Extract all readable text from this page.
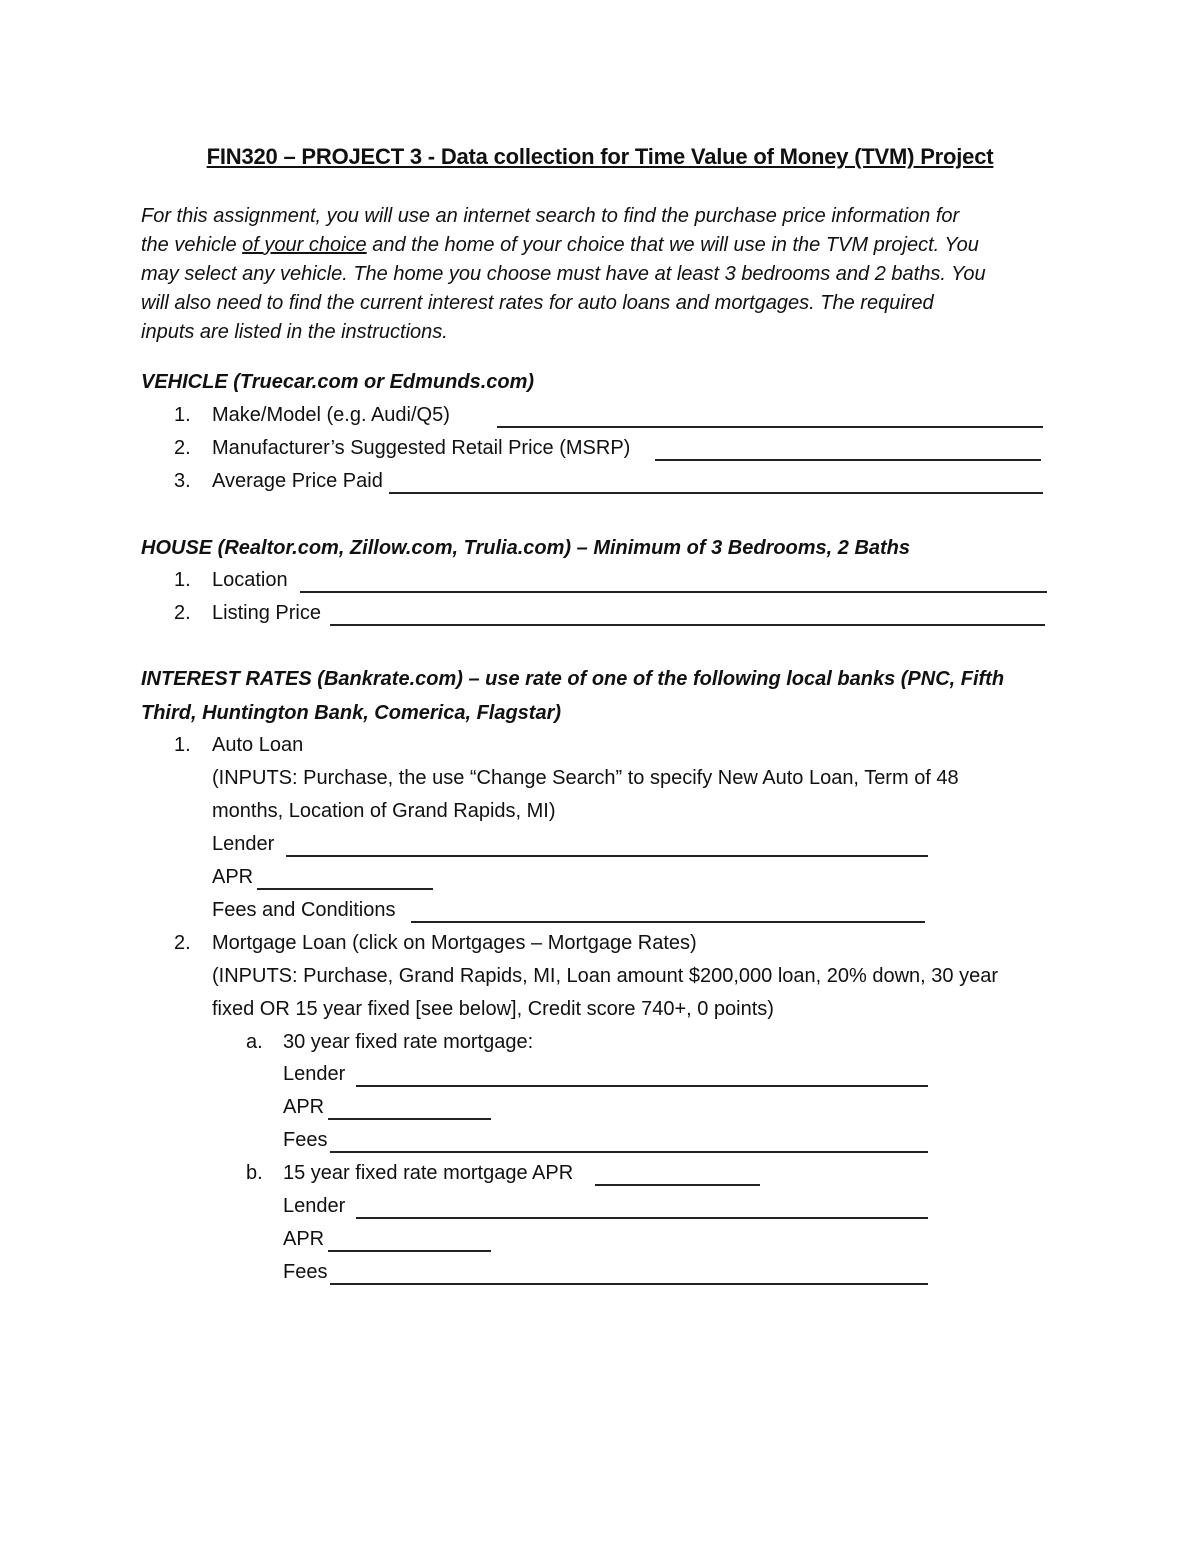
FIN320 – PROJECT 3 - Data collection for Time Value of Money (TVM) Project
For this assignment, you will use an internet search to find the purchase price information for
the vehicle of your choice and the home of your choice that we will use in the TVM project. You
may select any vehicle. The home you choose must have at least 3 bedrooms and 2 baths. You
will also need to find the current interest rates for auto loans and mortgages. The required
inputs are listed in the instructions.
VEHICLE (Truecar.com or Edmunds.com)
1. Make/Model (e.g. Audi/Q5)
2. Manufacturer’s Suggested Retail Price (MSRP)
3. Average Price Paid
HOUSE (Realtor.com, Zillow.com, Trulia.com) – Minimum of 3 Bedrooms, 2 Baths
1. Location
2. Listing Price
INTEREST RATES (Bankrate.com) – use rate of one of the following local banks (PNC, Fifth
Third, Huntington Bank, Comerica, Flagstar)
1. Auto Loan
(INPUTS: Purchase, the use “Change Search” to specify New Auto Loan, Term of 48
months, Location of Grand Rapids, MI)
Lender
APR
Fees and Conditions
2. Mortgage Loan (click on Mortgages – Mortgage Rates)
(INPUTS: Purchase, Grand Rapids, MI, Loan amount $200,000 loan, 20% down, 30 year
fixed OR 15 year fixed [see below], Credit score 740+, 0 points)
a. 30 year fixed rate mortgage:
Lender
APR
Fees
b. 15 year fixed rate mortgage APR
Lender
APR
Fees
